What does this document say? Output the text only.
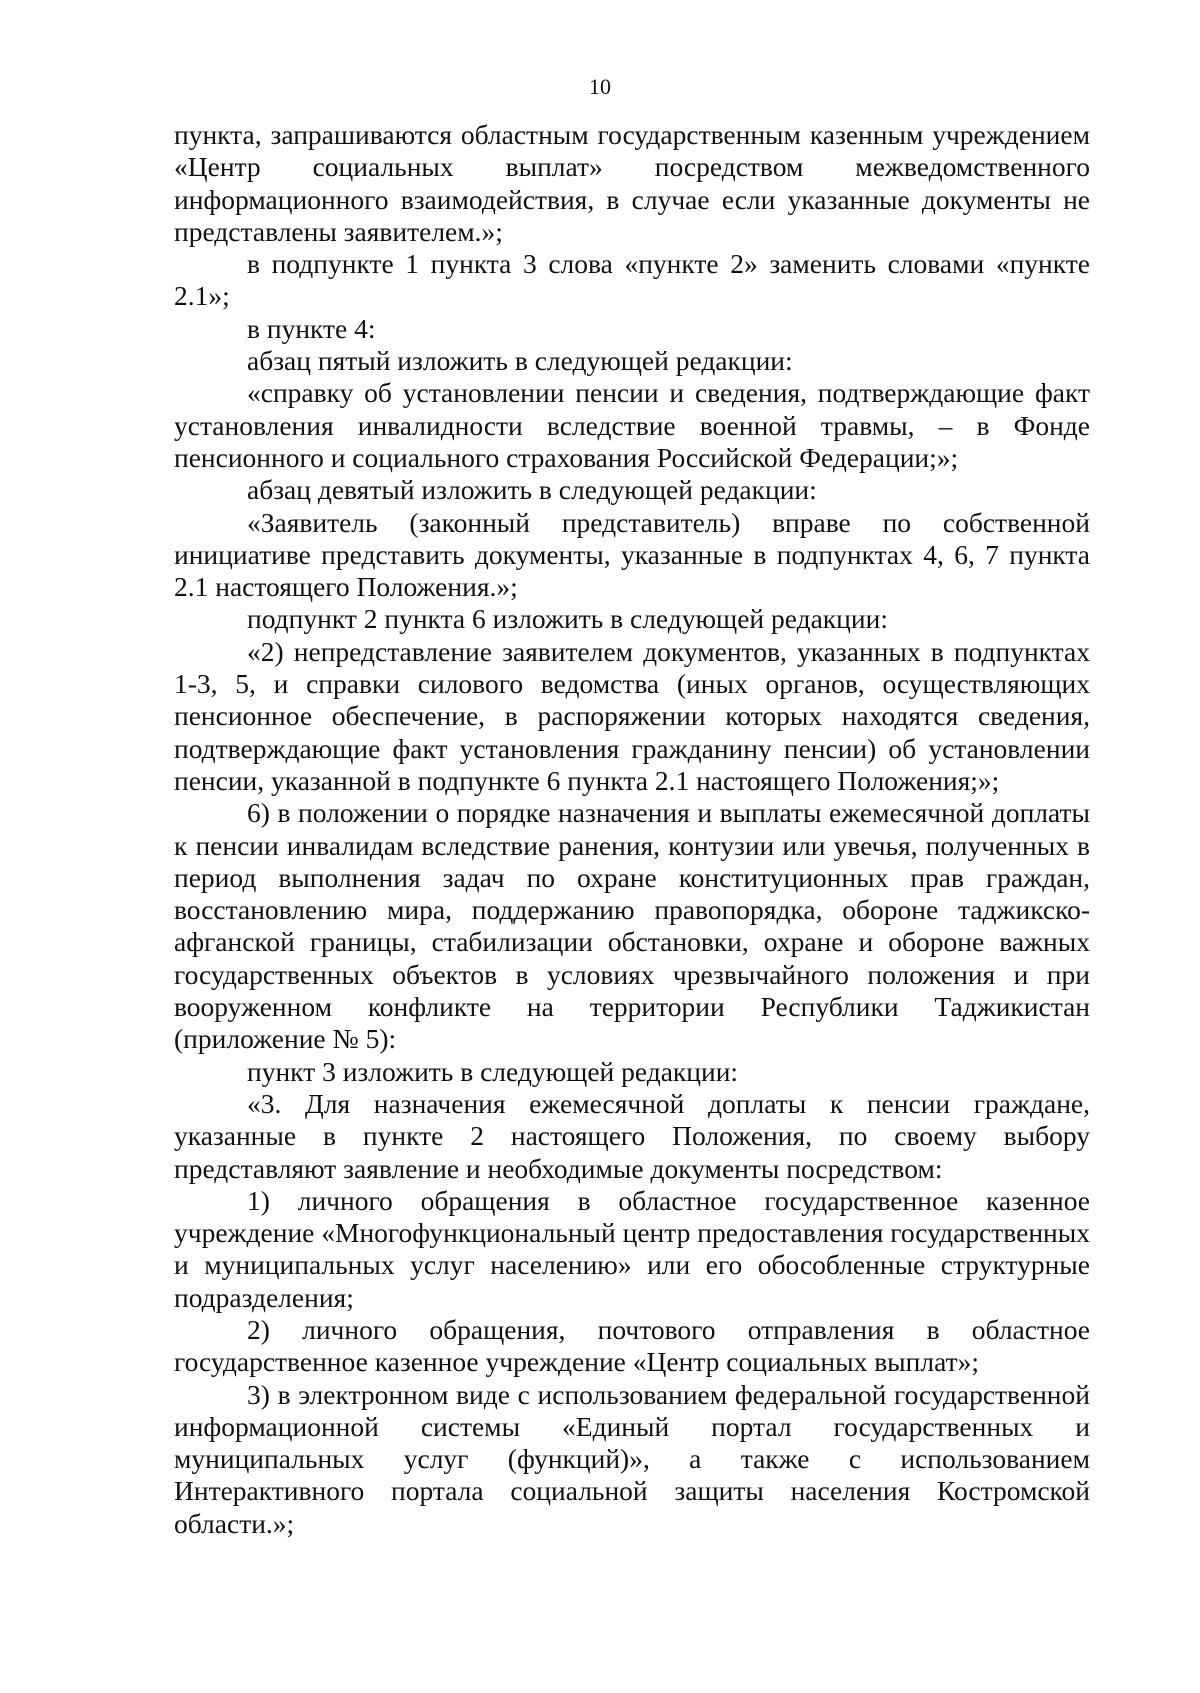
10

пункта, запрашиваются областным государственным казенным учреждением «Центр социальных выплат» посредством межведомственного информационного взаимодействия, в случае если указанные документы не представлены заявителем.»;

в подпункте 1 пункта 3 слова «пункте 2» заменить словами «пункте 2.1»;

в пункте 4:

абзац пятый изложить в следующей редакции:

«справку об установлении пенсии и сведения, подтверждающие факт установления инвалидности вследствие военной травмы, – в Фонде пенсионного и социального страхования Российской Федерации;»;

абзац девятый изложить в следующей редакции:

«Заявитель (законный представитель) вправе по собственной инициативе представить документы, указанные в подпунктах 4, 6, 7 пункта 2.1 настоящего Положения.»;

подпункт 2 пункта 6 изложить в следующей редакции:

«2) непредставление заявителем документов, указанных в подпунктах 1-3, 5, и справки силового ведомства (иных органов, осуществляющих пенсионное обеспечение, в распоряжении которых находятся сведения, подтверждающие факт установления гражданину пенсии) об установлении пенсии, указанной в подпункте 6 пункта 2.1 настоящего Положения;»;

6) в положении о порядке назначения и выплаты ежемесячной доплаты к пенсии инвалидам вследствие ранения, контузии или увечья, полученных в период выполнения задач по охране конституционных прав граждан, восстановлению мира, поддержанию правопорядка, обороне таджикско-афганской границы, стабилизации обстановки, охране и обороне важных государственных объектов в условиях чрезвычайного положения и при вооруженном конфликте на территории Республики Таджикистан (приложение № 5):

пункт 3 изложить в следующей редакции:

«3. Для назначения ежемесячной доплаты к пенсии граждане, указанные в пункте 2 настоящего Положения, по своему выбору представляют заявление и необходимые документы посредством:

1) личного обращения в областное государственное казенное учреждение «Многофункциональный центр предоставления государственных и муниципальных услуг населению» или его обособленные структурные подразделения;

2) личного обращения, почтового отправления в областное государственное казенное учреждение «Центр социальных выплат»;

3) в электронном виде с использованием федеральной государственной информационной системы «Единый портал государственных и муниципальных услуг (функций)», а также с использованием Интерактивного портала социальной защиты населения Костромской области.»;
